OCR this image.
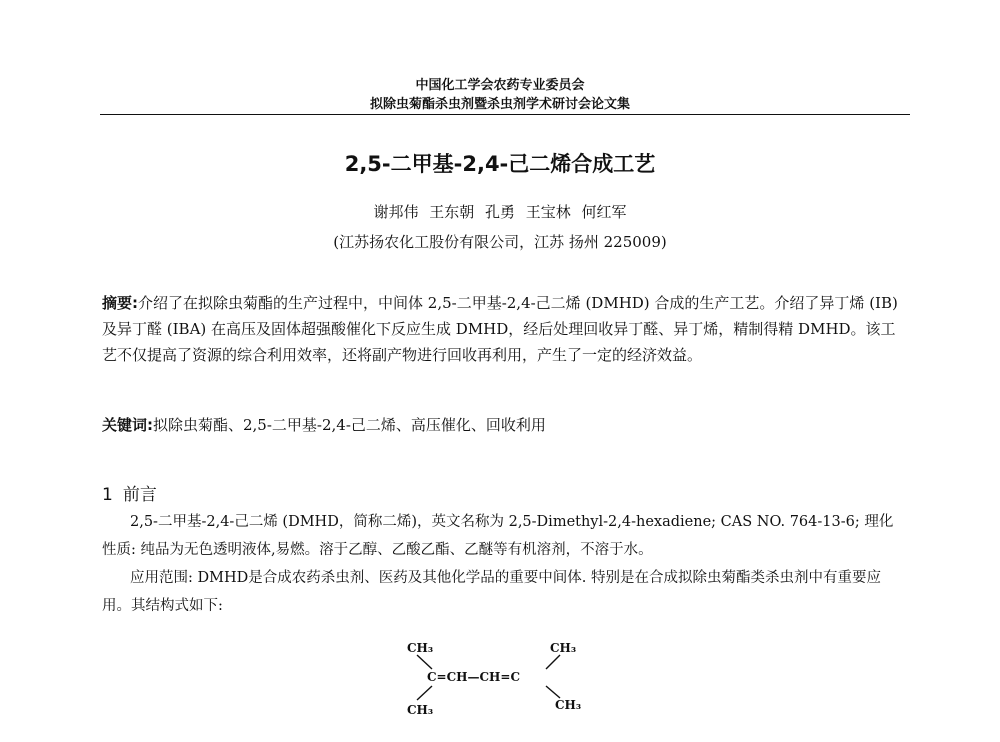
中国化工学会农药专业委员会
拟除虫菊酯杀虫剂暨杀虫剂学术研讨会论文集
2,5-二甲基-2,4-己二烯合成工艺
谢邦伟 王东朝 孔勇 王宝林 何红军
(江苏扬农化工股份有限公司，江苏 扬州 225009)

摘要:介绍了在拟除虫菊酯的生产过程中，中间体 2,5-二甲基-2,4-己二烯 (DMHD) 合成的生产工艺。介绍了异丁烯 (IB) 及异丁醛 (IBA) 在高压及固体超强酸催化下反应生成 DMHD，经后处理回收异丁醛、异丁烯，精制得精 DMHD。该工艺不仅提高了资源的综合利用效率，还将副产物进行回收再利用，产生了一定的经济效益。

关键词:拟除虫菊酯、2,5-二甲基-2,4-己二烯、高压催化、回收利用
1 前言

2,5-二甲基-2,4-己二烯 (DMHD，简称二烯)，英文名称为 2,5-Dimethyl-2,4-hexadiene; CAS NO. 764-13-6; 理化性质: 纯品为无色透明液体,易燃。溶于乙醇、乙酸乙酯、乙醚等有机溶剂，不溶于水。

应用范围: DMHD是合成农药杀虫剂、医药及其他化学品的重要中间体. 特别是在合成拟除虫菊酯类杀虫剂中有重要应用。其结构式如下:

CH₃	CH₃
C=CH—CH=C
CH₃	CH₃
